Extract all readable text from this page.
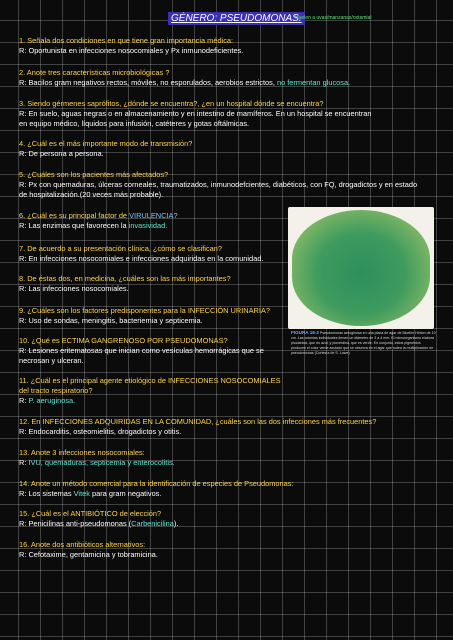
GÉNERO: PSEUDOMONAS.
Huelen a uvas/manzanas/oxtamial
1. Señala dos condiciones en que tiene gran importancia médica:
R: Oportunista en infecciones nosocomiales y Px inmunodeficientes.
2. Anote tres características microbiológicas ?
R: Bacilos gram negativos rectos, móviles, no esporulados, aerobios estrictos, no fermentan glucosa.
3. Siendo gérmenes saprófitos, ¿dónde se encuentra?, ¿en un hospital dónde se encuentra?
R: En suelo, aguas negras o en almacenamiento y en intestino de mamíferos. En un hospital se encuentran
en equipo médico, líquidos para infusión, catéteres y gotas oftálmicas.
4. ¿Cuál es el más importante modo de transmisión?
R: De persona a persona.
5. ¿Cuáles son los pacientes más afectados?
R: Px con quemaduras, úlceras corneales, traumatizados, inmunodefcientes, diabéticos, con FQ, drogadictos y en estado
de hospitalización.(20 veces más probable).
6. ¿Cuál es su principal factor de VIRULENCIA?
R: Las enzimas que favorecen la invasividad.
7. De acuerdo a su presentación clínica, ¿cómo se clasifican?
R: En infecciones nosocomiales e infecciones adquiridas en la comunidad.
8. De éstas dos, en medicina, ¿cuáles son las más importantes?
R: Las infecciones nosocomiales.
9. ¿Cuáles son los factores predisponentes para la INFECCIÓN URINARIA?
R: Uso de sondas, meningitis, bacteriemia y septicemia.
10. ¿Qué es ECTIMA GANGRENOSO POR PSEUDOMONAS?
R: Lesiones eritematosas que inician como vesículas hemorrágicas que se
necrosan y ulceran.
11. ¿Cuál es el principal agente etiológico de INFECCIONES NOSOCOMIALES
del tracto respiratorio?
R: P. aeruginosa.
12. En INFECCIONES ADQUIRIDAS EN LA COMUNIDAD, ¿cuáles son las dos infecciones más frecuentes?
R: Endocarditis, osteomielitis, drogadictos y otitis.
13. Anote 3 infecciones nosocomiales:
R: IVU, quemaduras, septicemia y enterocolitis.
14. Anote un método comercial para la identificación de especies de Pseudomonas:
R: Los sistemas Vitek para gram negativos.
15. ¿Cuál es el ANTIBIÓTICO de elección?
R: Penicilinas anti-pseudomonas (Carbenicilina).
16. Anote dos antibióticos alternativos:
R: Cefotaxime, gentamicina y tobramicina.
FIGURA 16-2 Pseudomonas aeruginosa en una placa de agar de Mueller Hinton de 10 cm. Las colonias individuales tienen un diámetro de 3 a 4 mm. El microorganismo elabora piocianina, que es azul, y pioverdina, que es verde. En conjunto, estos pigmentos producen el color verde azulado que se observa en el agar que rodea la multiplicación de pseudomonas (Cortesía de S. Lowe).
